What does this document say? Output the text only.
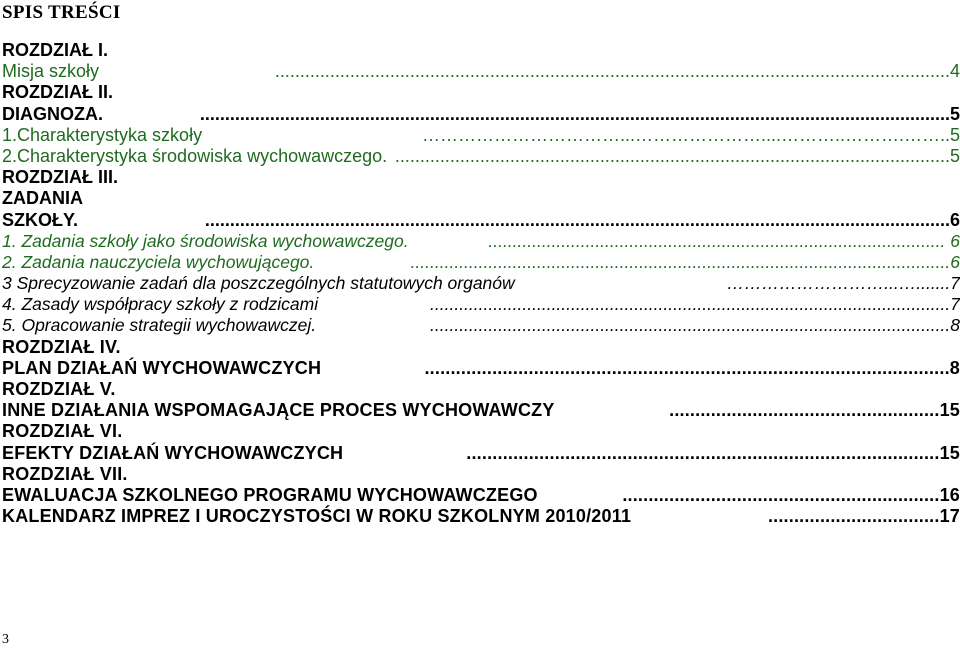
SPIS TREŚCI
ROZDZIAŁ I.
Misja szkoły	.......................................................................................................................................4
ROZDZIAŁ II.
DIAGNOZA.	......................................................................................................................................................5
1.Charakterystyka szkoły	……………………………...…………………....………..……….……..5
2.Charakterystyka środowiska wychowawczego. ...............................................................................................................5
ROZDZIAŁ III.
ZADANIA
SZKOŁY.	.....................................................................................................................................................6
1. Zadania szkoły jako środowiska wychowawczego.	.............................................................................................. 6
2. Zadania nauczyciela wychowującego.	...............................................................................................................6
3 Sprecyzowanie zadań dla poszczególnych statutowych organów	………………………...….......7
4. Zasady współpracy szkoły z rodzicami	...........................................................................................................7
5. Opracowanie strategii wychowawczej.	...........................................................................................................8
ROZDZIAŁ IV.
PLAN DZIAŁAŃ WYCHOWAWCZYCH	.....................................................................................................8
ROZDZIAŁ V.
INNE DZIAŁANIA WSPOMAGAJĄCE PROCES WYCHOWAWCZY	....................................................15
ROZDZIAŁ VI.
EFEKTY DZIAŁAŃ WYCHOWAWCZYCH	...........................................................................................15
ROZDZIAŁ VII.
EWALUACJA SZKOLNEGO PROGRAMU WYCHOWAWCZEGO	.............................................................16
KALENDARZ IMPREZ I UROCZYSTOŚCI W ROKU SZKOLNYM 2010/2011	.................................17
3
